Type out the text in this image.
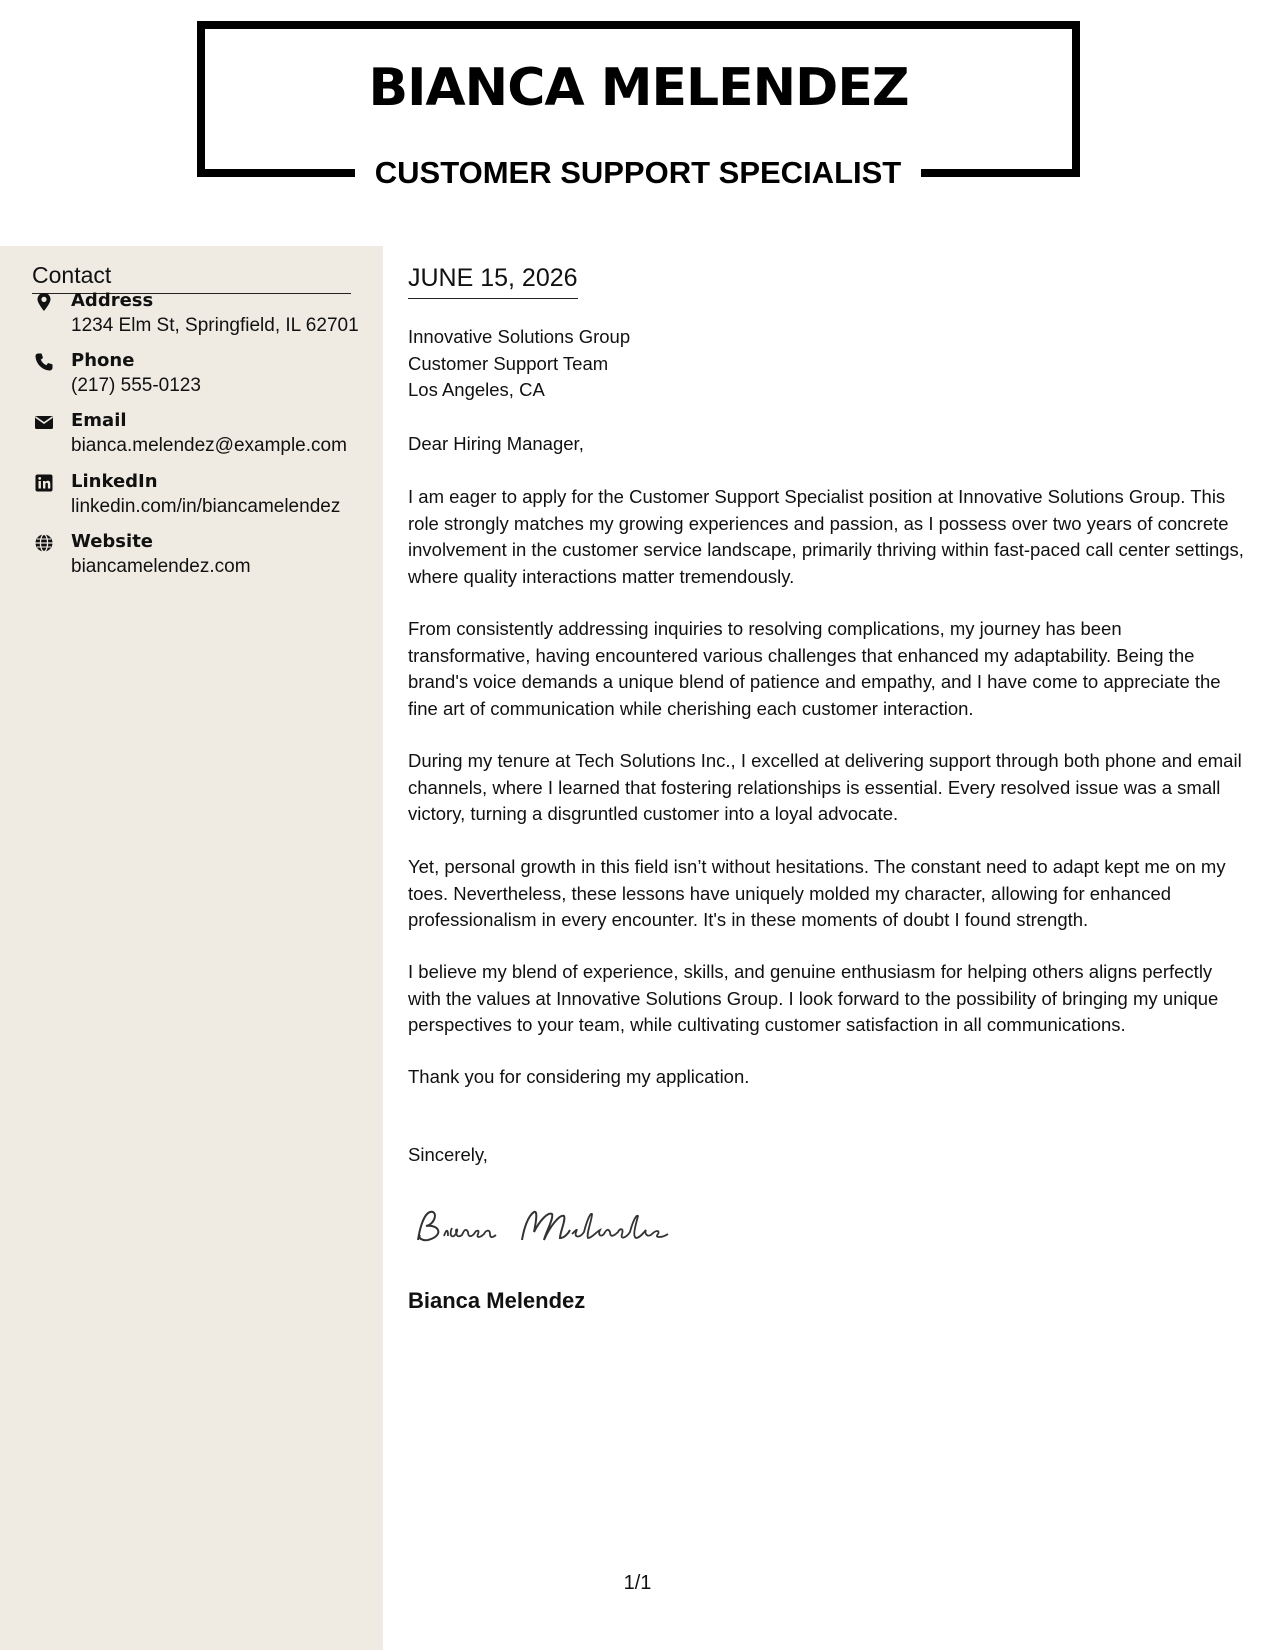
BIANCA MELENDEZ
CUSTOMER SUPPORT SPECIALIST
Contact
Address
1234 Elm St, Springfield, IL 62701
Phone
(217) 555-0123
Email
bianca.melendez@example.com
LinkedIn
linkedin.com/in/biancamelendez
Website
biancamelendez.com
JUNE 15, 2026
Innovative Solutions Group
Customer Support Team
Los Angeles, CA
Dear Hiring Manager,

I am eager to apply for the Customer Support Specialist position at Innovative Solutions Group. This role strongly matches my growing experiences and passion, as I possess over two years of concrete involvement in the customer service landscape, primarily thriving within fast-paced call center settings, where quality interactions matter tremendously.

From consistently addressing inquiries to resolving complications, my journey has been transformative, having encountered various challenges that enhanced my adaptability. Being the brand's voice demands a unique blend of patience and empathy, and I have come to appreciate the fine art of communication while cherishing each customer interaction.

During my tenure at Tech Solutions Inc., I excelled at delivering support through both phone and email channels, where I learned that fostering relationships is essential. Every resolved issue was a small victory, turning a disgruntled customer into a loyal advocate.

Yet, personal growth in this field isn’t without hesitations. The constant need to adapt kept me on my toes. Nevertheless, these lessons have uniquely molded my character, allowing for enhanced professionalism in every encounter. It's in these moments of doubt I found strength.

I believe my blend of experience, skills, and genuine enthusiasm for helping others aligns perfectly with the values at Innovative Solutions Group. I look forward to the possibility of bringing my unique perspectives to your team, while cultivating customer satisfaction in all communications.

Thank you for considering my application.

Sincerely,
Bianca Melendez
1/1
